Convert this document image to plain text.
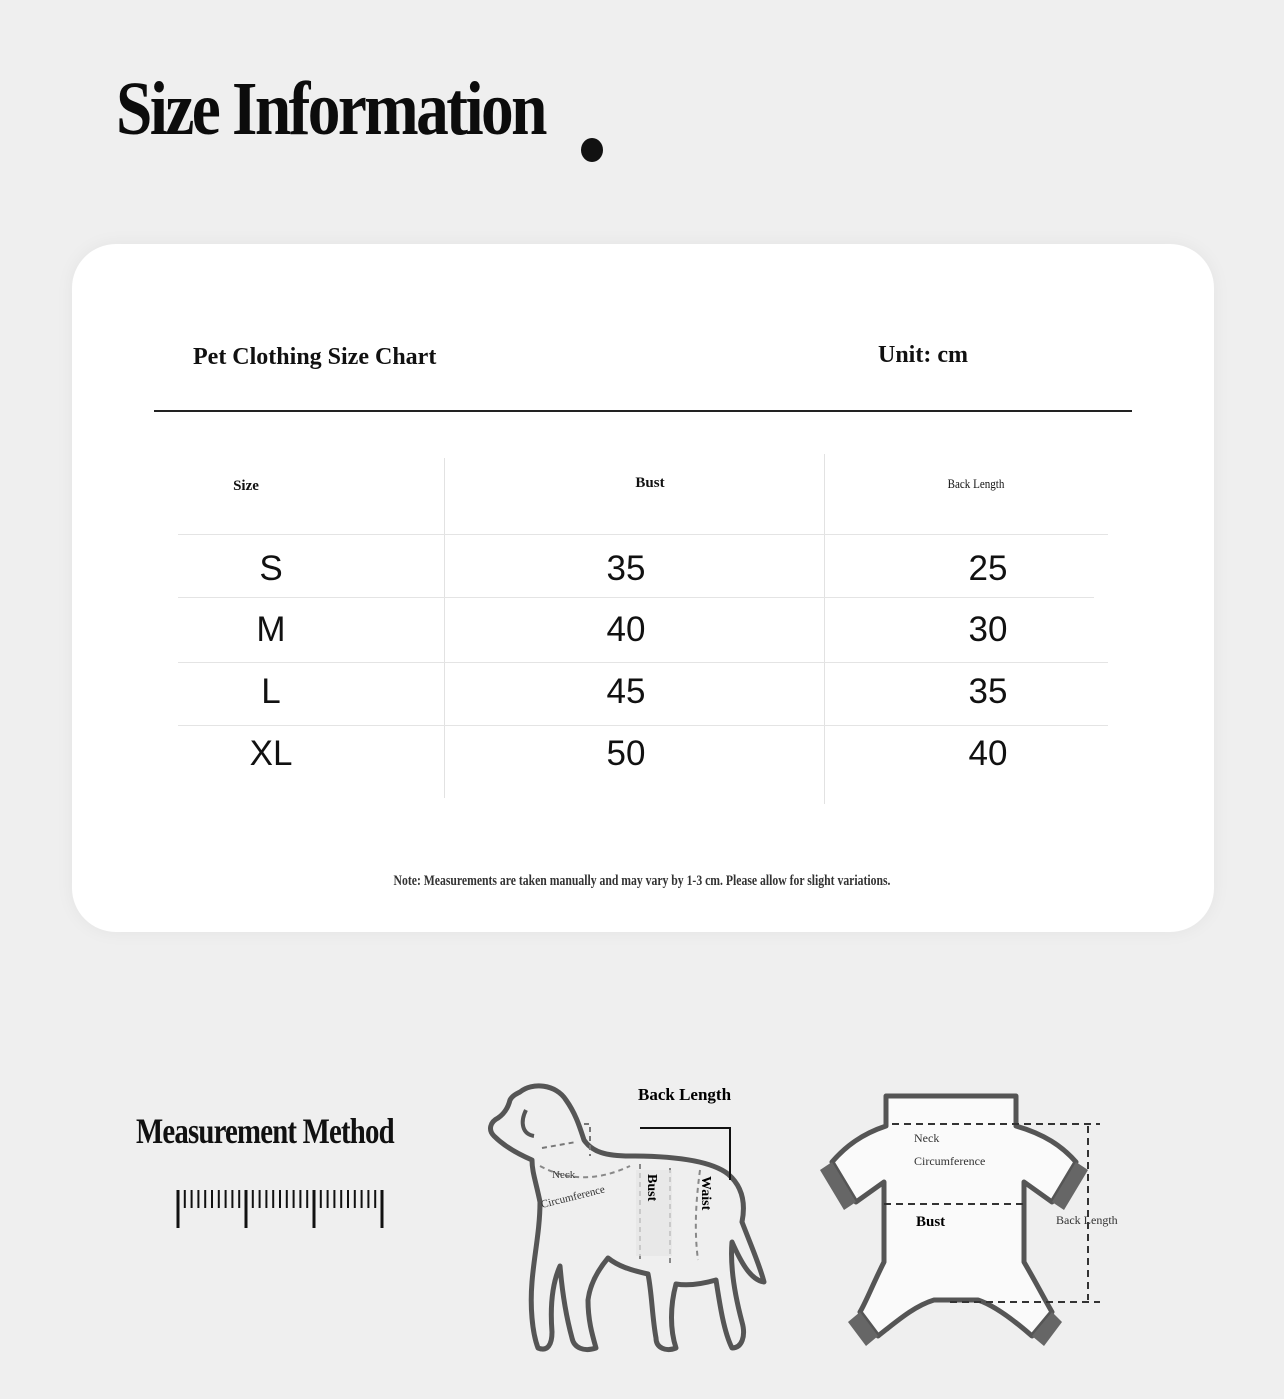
Size Information
Pet Clothing Size Chart	Unit: cm
Size	Bust	Back Length
S	35	25
M	40	30
L	45	35
XL	50	40
Note: Measurements are taken manually and may vary by 1-3 cm. Please allow for slight variations.
Measurement Method
Back Length
Neck
Circumference	Bust	Waist
Neck
Circumference
Bust	Back Length
